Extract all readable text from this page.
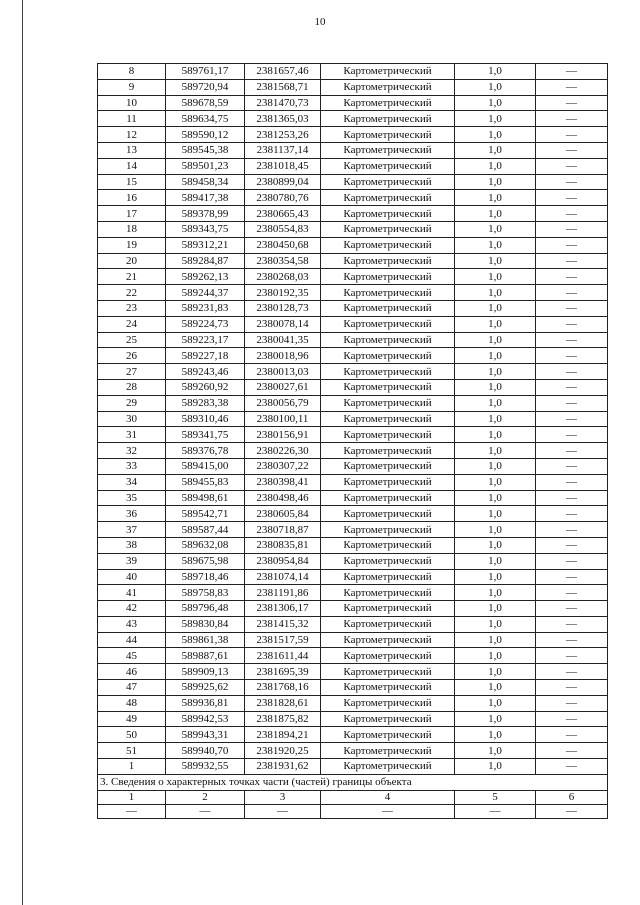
10
8	589761,17	2381657,46	Картометрический	1,0	—
9	589720,94	2381568,71	Картометрический	1,0	—
10	589678,59	2381470,73	Картометрический	1,0	—
11	589634,75	2381365,03	Картометрический	1,0	—
12	589590,12	2381253,26	Картометрический	1,0	—
13	589545,38	2381137,14	Картометрический	1,0	—
14	589501,23	2381018,45	Картометрический	1,0	—
15	589458,34	2380899,04	Картометрический	1,0	—
16	589417,38	2380780,76	Картометрический	1,0	—
17	589378,99	2380665,43	Картометрический	1,0	—
18	589343,75	2380554,83	Картометрический	1,0	—
19	589312,21	2380450,68	Картометрический	1,0	—
20	589284,87	2380354,58	Картометрический	1,0	—
21	589262,13	2380268,03	Картометрический	1,0	—
22	589244,37	2380192,35	Картометрический	1,0	—
23	589231,83	2380128,73	Картометрический	1,0	—
24	589224,73	2380078,14	Картометрический	1,0	—
25	589223,17	2380041,35	Картометрический	1,0	—
26	589227,18	2380018,96	Картометрический	1,0	—
27	589243,46	2380013,03	Картометрический	1,0	—
28	589260,92	2380027,61	Картометрический	1,0	—
29	589283,38	2380056,79	Картометрический	1,0	—
30	589310,46	2380100,11	Картометрический	1,0	—
31	589341,75	2380156,91	Картометрический	1,0	—
32	589376,78	2380226,30	Картометрический	1,0	—
33	589415,00	2380307,22	Картометрический	1,0	—
34	589455,83	2380398,41	Картометрический	1,0	—
35	589498,61	2380498,46	Картометрический	1,0	—
36	589542,71	2380605,84	Картометрический	1,0	—
37	589587,44	2380718,87	Картометрический	1,0	—
38	589632,08	2380835,81	Картометрический	1,0	—
39	589675,98	2380954,84	Картометрический	1,0	—
40	589718,46	2381074,14	Картометрический	1,0	—
41	589758,83	2381191,86	Картометрический	1,0	—
42	589796,48	2381306,17	Картометрический	1,0	—
43	589830,84	2381415,32	Картометрический	1,0	—
44	589861,38	2381517,59	Картометрический	1,0	—
45	589887,61	2381611,44	Картометрический	1,0	—
46	589909,13	2381695,39	Картометрический	1,0	—
47	589925,62	2381768,16	Картометрический	1,0	—
48	589936,81	2381828,61	Картометрический	1,0	—
49	589942,53	2381875,82	Картометрический	1,0	—
50	589943,31	2381894,21	Картометрический	1,0	—
51	589940,70	2381920,25	Картометрический	1,0	—
1	589932,55	2381931,62	Картометрический	1,0	—
3. Сведения о характерных точках части (частей) границы объекта					
1	2	3	4	5	6
—	—	—	—	—	—
